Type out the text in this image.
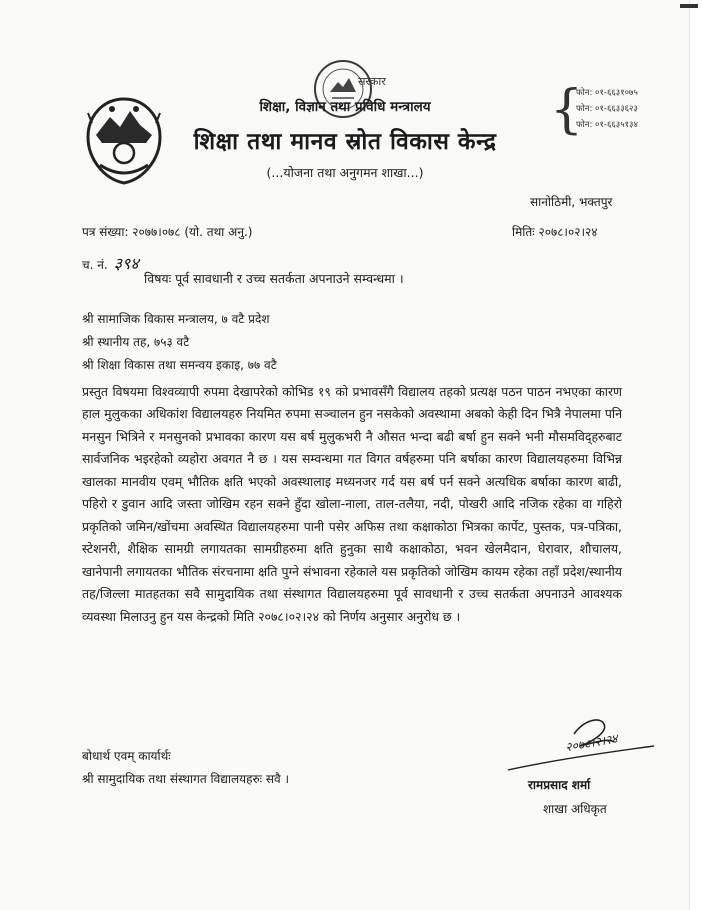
सरकार
शिक्षा, विज्ञान तथा प्रविधि मन्त्रालय
शिक्षा तथा मानव स्रोत विकास केन्द्र
(...योजना तथा अनुगमन शाखा...)
{
फोन: ०१-६६३१०७५
फोन: ०१-६६३३६२३
फोन: ०१-६६३५१३४
सानोठिमी, भक्तपुर
पत्र संख्या: २०७७।०७८ (यो. तथा अनु.)	मितिः २०७८।०२।२४
च. नं. ३९४
विषयः पूर्व सावधानी र उच्च सतर्कता अपनाउने सम्वन्धमा ।
श्री सामाजिक विकास मन्त्रालय, ७ वटै प्रदेश
श्री स्थानीय तह, ७५३ वटै
श्री शिक्षा विकास तथा समन्वय इकाइ, ७७ वटै
प्रस्तुत विषयमा विश्वव्यापी रुपमा देखापरेको कोभिड १९ को प्रभावसँगै विद्यालय तहको प्रत्यक्ष पठन पाठन नभएका कारण हाल मुलुकका अधिकांश विद्यालयहरु नियमित रुपमा सञ्चालन हुन नसकेको अवस्थामा अबको केही दिन भित्रै नेपालमा पनि मनसुन भित्रिने र मनसुनको प्रभावका कारण यस बर्ष मुलुकभरी नै औसत भन्दा बढी बर्षा हुन सक्ने भनी मौसमविद्हरुबाट सार्वजनिक भइरहेको व्यहोरा अवगत नै छ । यस सम्वन्धमा गत विगत वर्षहरुमा पनि बर्षाका कारण विद्यालयहरुमा विभिन्न खालका मानवीय एवम् भौतिक क्षति भएको अवस्थालाइ मध्यनजर गर्द यस बर्ष पर्न सक्ने अत्यधिक बर्षाका कारण बाढी, पहिरो र डुवान आदि जस्ता जोखिम रहन सक्ने हुँदा खोला-नाला, ताल-तलैया, नदी, पोखरी आदि नजिक रहेका वा गहिरो प्रकृतिको जमिन/खोंचमा अवस्थित विद्यालयहरुमा पानी पसेर अफिस तथा कक्षाकोठा भित्रका कार्पेट, पुस्तक, पत्र-पत्रिका, स्टेशनरी, शैक्षिक सामग्री लगायतका सामग्रीहरुमा क्षति हुनुका साथै कक्षाकोठा, भवन खेलमैदान, घेरावार, शौचालय, खानेपानी लगायतका भौतिक संरचनामा क्षति पुग्ने संभावना रहेकाले यस प्रकृतिको जोखिम कायम रहेका तहाँ प्रदेश/स्थानीय तह/जिल्ला मातहतका सवै सामुदायिक तथा संस्थागत विद्यालयहरुमा पूर्व सावधानी र उच्च सतर्कता अपनाउने आवश्यक व्यवस्था मिलाउनु हुन यस केन्द्रको मिति २०७८।०२।२४ को निर्णय अनुसार अनुरोध छ ।
बोधार्थ एवम् कार्यार्थः
श्री सामुदायिक तथा संस्थागत विद्यालयहरुः सवै ।
२०७८।२।२४
रामप्रसाद शर्मा
शाखा अधिकृत
